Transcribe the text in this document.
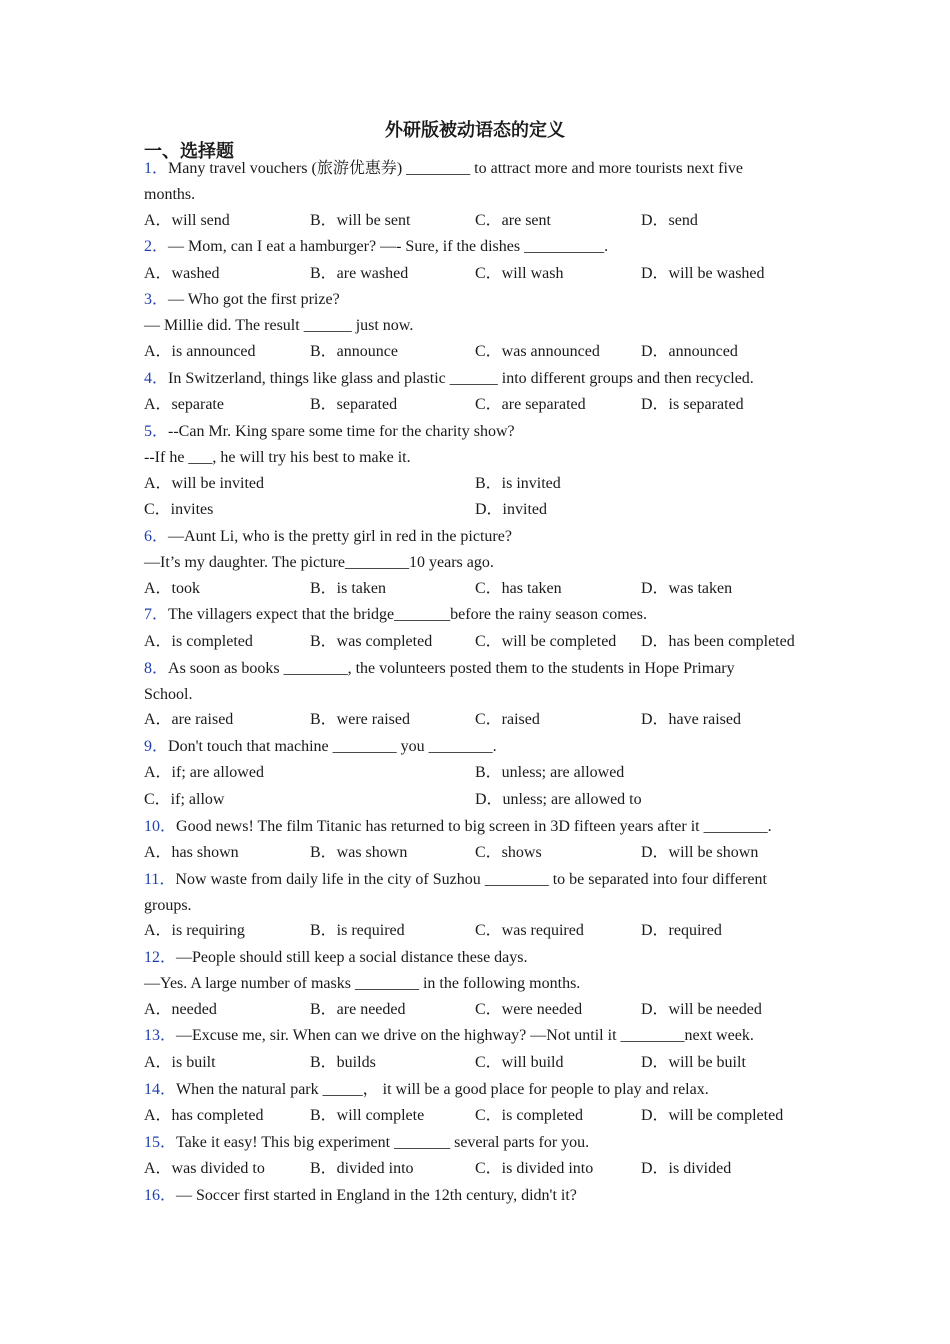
外研版被动语态的定义
一、选择题
1．Many travel vouchers (旅游优惠券) ________ to attract more and more tourists next five
months.
A．will send	B．will be sent	C．are sent	D．send
2．— Mom, can I eat a hamburger? —- Sure, if the dishes __________.
A．washed	B．are washed	C．will wash	D．will be washed
3．— Who got the first prize?
— Millie did. The result ______ just now.
A．is announced	B．announce	C．was announced	D．announced
4．In Switzerland, things like glass and plastic ______ into different groups and then recycled.
A．separate	B．separated	C．are separated	D．is separated
5．--Can Mr. King spare some time for the charity show?
--If he ___, he will try his best to make it.
A．will be invited	B．is invited
C．invites	D．invited
6．—Aunt Li, who is the pretty girl in red in the picture?
—It’s my daughter. The picture________10 years ago.
A．took	B．is taken	C．has taken	D．was taken
7．The villagers expect that the bridge_______before the rainy season comes.
A．is completed	B．was completed	C．will be completed D．has been completed
8．As soon as books ________, the volunteers posted them to the students in Hope Primary
School.
A．are raised	B．were raised	C．raised	D．have raised
9．Don't touch that machine ________ you ________.
A．if; are allowed	B．unless; are allowed
C．if; allow	D．unless; are allowed to
10．Good news! The film Titanic has returned to big screen in 3D fifteen years after it ________.
A．has shown	B．was shown	C．shows	D．will be shown
11．Now waste from daily life in the city of Suzhou ________ to be separated into four different
groups.
A．is requiring	B．is required	C．was required	D．required
12．—People should still keep a social distance these days.
—Yes. A large number of masks ________ in the following months.
A．needed	B．are needed	C．were needed	D．will be needed
13．—Excuse me, sir. When can we drive on the highway? —Not until it ________next week.
A．is built	B．builds	C．will build	D．will be built
14．When the natural park _____， it will be a good place for people to play and relax.
A．has completed	B．will complete	C．is completed	D．will be completed
15．Take it easy! This big experiment _______ several parts for you.
A．was divided to	B．divided into	C．is divided into	D．is divided
16．— Soccer first started in England in the 12th century, didn't it?
